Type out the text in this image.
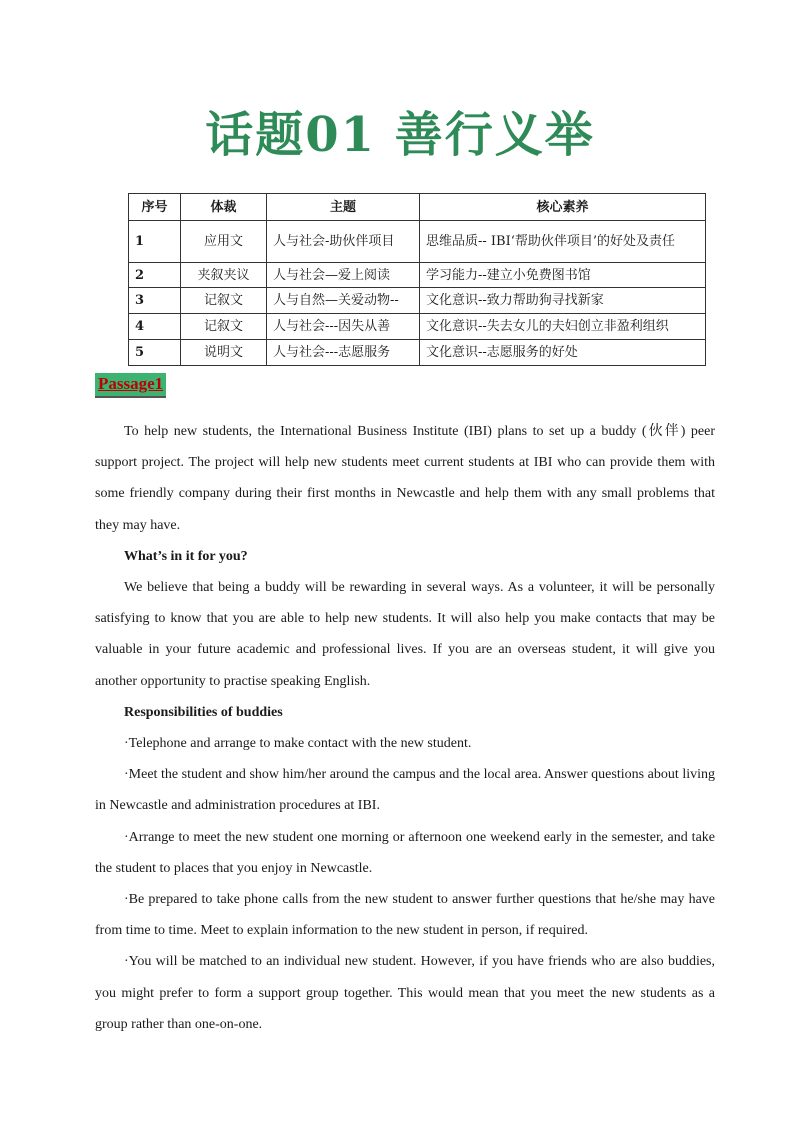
话题01 善行义举
序号	体裁	主题	核心素养
1	应用文	人与社会-助伙伴项目	思维品质-- IBI‘帮助伙伴项目’的好处及责任
2	夹叙夹议	人与社会—爱上阅读	学习能力--建立小免费图书馆
3	记叙文	人与自然—关爱动物--	文化意识--致力帮助狗寻找新家
4	记叙文	人与社会---因失从善	文化意识--失去女儿的夫妇创立非盈利组织
5	说明文	人与社会---志愿服务	文化意识--志愿服务的好处
Passage1

To help new students, the International Business Institute (IBI) plans to set up a buddy (伙伴) peer support project. The project will help new students meet current students at IBI who can provide them with some friendly company during their first months in Newcastle and help them with any small problems that they may have.

What’s in it for you?

We believe that being a buddy will be rewarding in several ways. As a volunteer, it will be personally satisfying to know that you are able to help new students. It will also help you make contacts that may be valuable in your future academic and professional lives. If you are an overseas student, it will give you another opportunity to practise speaking English.

Responsibilities of buddies

·Telephone and arrange to make contact with the new student.

·Meet the student and show him/her around the campus and the local area. Answer questions about living in Newcastle and administration procedures at IBI.

·Arrange to meet the new student one morning or afternoon one weekend early in the semester, and take the student to places that you enjoy in Newcastle.

·Be prepared to take phone calls from the new student to answer further questions that he/she may have from time to time. Meet to explain information to the new student in person, if required.

·You will be matched to an individual new student. However, if you have friends who are also buddies, you might prefer to form a support group together. This would mean that you meet the new students as a group rather than one-on-one.
